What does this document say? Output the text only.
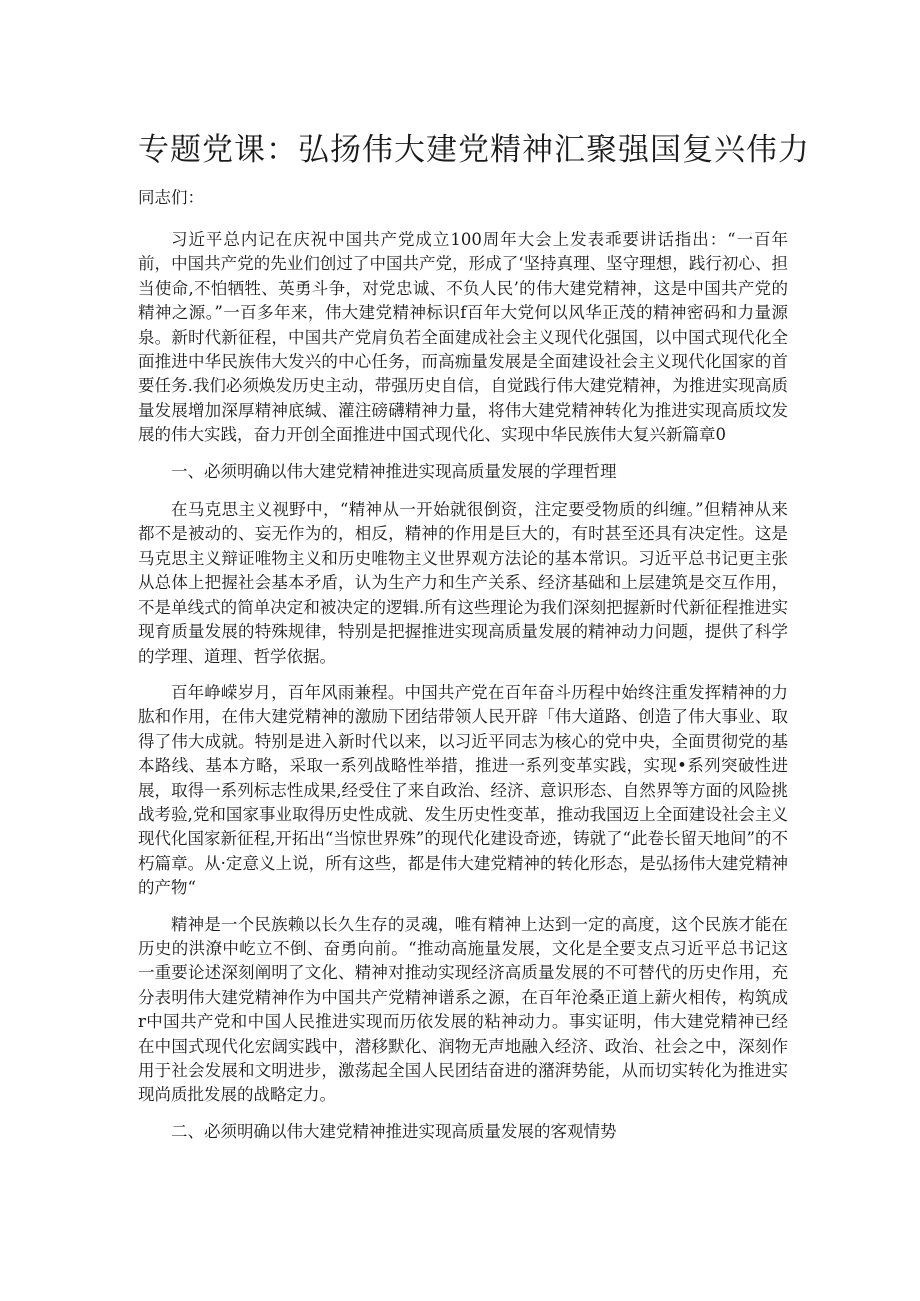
专题党课：弘扬伟大建党精神汇聚强国复兴伟力

同志们：

习近平总内记在庆祝中国共产党成立100周年大会上发表乖要讲话指出：“一百年前，中国共产党的先业们创过了中国共产党，形成了‘坚持真理、坚守理想，践行初心、担当使命,不怕牺牲、英勇斗争，对党忠诚、不负人民’的伟大建党精神，这是中国共产党的精神之源。”一百多年来，伟大建党精神标识f百年大党何以风华正茂的精神密码和力量源泉。新时代新征程，中国共产党肩负若全面建成社会主义现代化强国，以中国式现代化全面推进中华民族伟大发兴的中心任务，而高痂量发展是全面建设社会主义现代化国家的首要任务.我们必须焕发历史主动，带强历史自信，自觉践行伟大建党精神，为推进实现高质量发展增加深厚精神底缄、灌注磅礴精神力量，将伟大建党精神转化为推进实现高质坟发展的伟大实践，奋力开创全面推进中国式现代化、实现中华民族伟大复兴新篇章0

一、必须明确以伟大建党精神推进实现高质量发展的学理哲理

在马克思主义视野中，“精神从一开始就很倒资，注定要受物质的纠缠。”但精神从来都不是被动的、妄无作为的，相反，精神的作用是巨大的，有时甚至还具有决定性。这是马克思主义辩证唯物主义和历史唯物主义世界观方法论的基本常识。习近平总书记更主张从总体上把握社会基本矛盾，认为生产力和生产关系、经济基础和上层建筑是交互作用，不是单线式的简单决定和被决定的逻辑.所有这些理论为我们深刻把握新时代新征程推进实现育质量发展的特殊规律，特别是把握推进实现高质量发展的精神动力问题，提供了科学的学理、道理、哲学依据。

百年峥嵘岁月，百年风雨兼程。中国共产党在百年奋斗历程中始终注重发挥精神的力肱和作用，在伟大建党精神的激励下团结带领人民开辟「伟大道路、创造了伟大事业、取得了伟大成就。特别是进入新时代以来，以习近平同志为核心的党中央，全面贯彻党的基本路线、基本方略，采取一系列战略性举措，推进一系列变革实践，实现•系列突破性进展，取得一系列标志性成果,经受住了来自政治、经济、意识形态、自然界等方面的风险挑战考验,党和国家事业取得历史性成就、发生历史性变革，推动我国迈上全面建设社会主义现代化国家新征程,开拓出“当惊世界殊”的现代化建设奇迹，铸就了“此卷长留天地间”的不朽篇章。从·定意义上说，所有这些，都是伟大建党精神的转化形态，是弘扬伟大建党精神的产物“

精神是一个民族赖以长久生存的灵魂，唯有精神上达到一定的高度，这个民族才能在历史的洪潦中屹立不倒、奋勇向前。“推动高施量发展，文化是全要支点习近平总书记这一重要论述深刻阐明了文化、精神对推动实现经济高质量发展的不可替代的历史作用，充分表明伟大建党精神作为中国共产党精神谱系之源，在百年沧桑正道上薪火相传，构筑成r中国共产党和中国人民推进实现而历依发展的粘神动力。事实证明，伟大建党精神已经在中国式现代化宏阔实践中，潜移默化、润物无声地融入经济、政治、社会之中，深刻作用于社会发展和文明进步，激荡起全国人民团结奋进的潴湃势能，从而切实转化为推进实现尚质批发展的战略定力。

二、必须明确以伟大建党精神推进实现高质量发展的客观情势
